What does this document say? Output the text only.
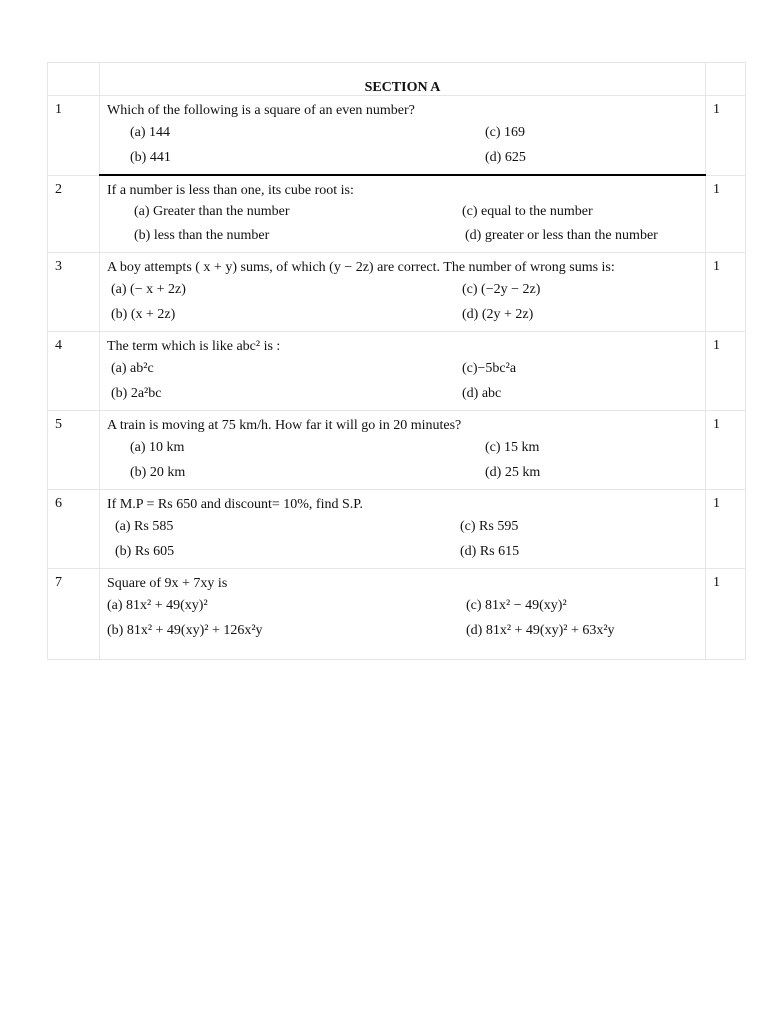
	SECTION A	

1	Which of the following is a square of an even number?
(a) 144 (c) 169
(b) 441 (d) 625	1
2	If a number is less than one, its cube root is:
(a) Greater than the number (c) equal to the number
(b) less than the number (d) greater or less than the number	1
3	A boy attempts ( x + y) sums, of which (y − 2z) are correct. The number of wrong sums is:
(a) (− x + 2z) (c) (−2y − 2z)
(b) (x + 2z) (d) (2y + 2z)	1
4	The term which is like abc² is :
(a) ab²c (c)−5bc²a
(b) 2a²bc (d) abc	1
5	A train is moving at 75 km/h. How far it will go in 20 minutes?
(a) 10 km (c) 15 km
(b) 20 km (d) 25 km	1
6	If M.P = Rs 650 and discount= 10%, find S.P.
(a) Rs 585 (c) Rs 595
(b) Rs 605 (d) Rs 615	1
7	Square of 9x + 7xy is
(a) 81x² + 49(xy)² (c) 81x² − 49(xy)²
(b) 81x² + 49(xy)² + 126x²y (d) 81x² + 49(xy)² + 63x²y	1
